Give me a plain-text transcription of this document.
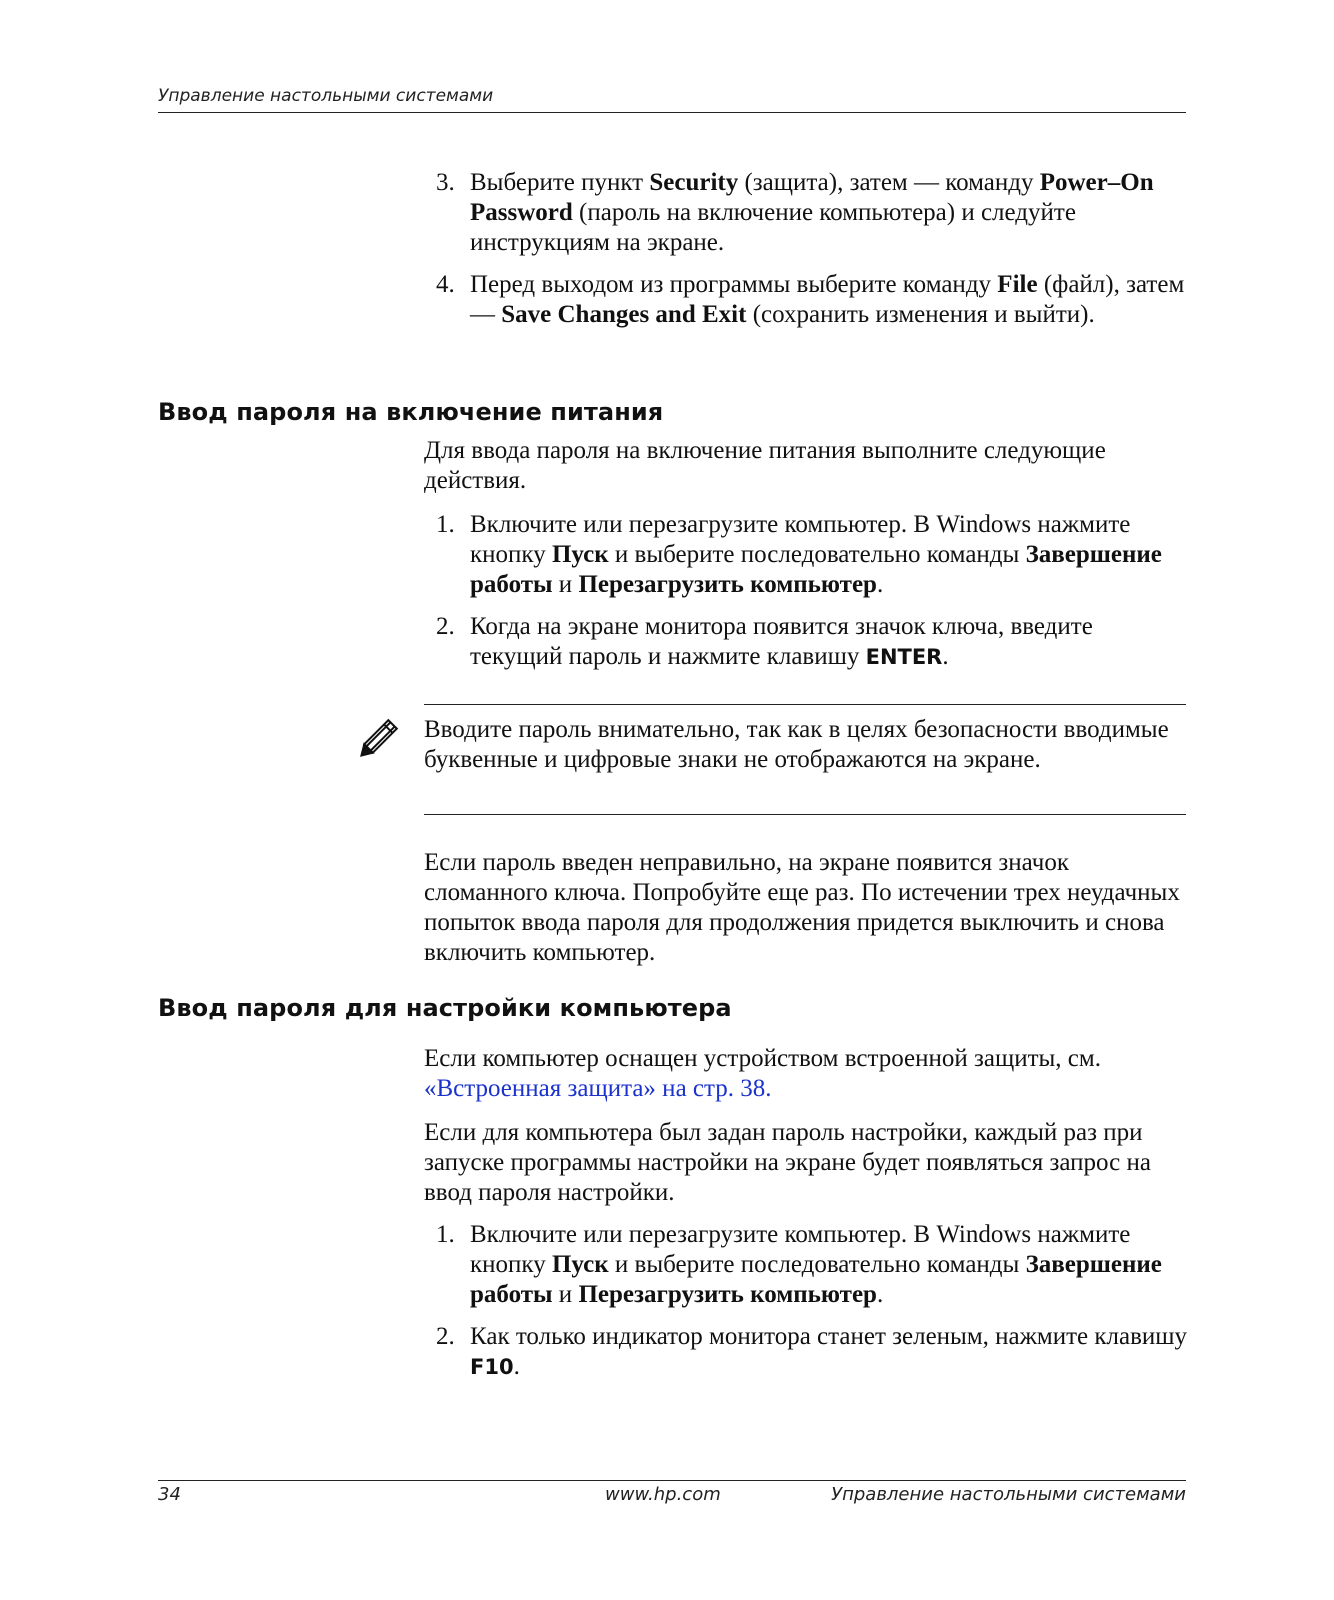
Управление настольными системами
3. Выберите пункт Security (защита), затем — команду Power–On Password (пароль на включение компьютера) и следуйте инструкциям на экране.
4. Перед выходом из программы выберите команду File (файл), затем — Save Changes and Exit (сохранить изменения и выйти).
Ввод пароля на включение питания

Для ввода пароля на включение питания выполните следующие действия.

1. Включите или перезагрузите компьютер. В Windows нажмите кнопку Пуск и выберите последовательно команды Завершение работы и Перезагрузить компьютер.
2. Когда на экране монитора появится значок ключа, введите текущий пароль и нажмите клавишу ENTER.

Вводите пароль внимательно, так как в целях безопасности вводимые буквенные и цифровые знаки не отображаются на экране.

Если пароль введен неправильно, на экране появится значок сломанного ключа. Попробуйте еще раз. По истечении трех неудачных попыток ввода пароля для продолжения придется выключить и снова включить компьютер.

Ввод пароля для настройки компьютера

Если компьютер оснащен устройством встроенной защиты, см. «Встроенная защита» на стр. 38.

Если для компьютера был задан пароль настройки, каждый раз при запуске программы настройки на экране будет появляться запрос на ввод пароля настройки.

1. Включите или перезагрузите компьютер. В Windows нажмите кнопку Пуск и выберите последовательно команды Завершение работы и Перезагрузить компьютер.
2. Как только индикатор монитора станет зеленым, нажмите клавишу F10.
34	www.hp.com	Управление настольными системами
